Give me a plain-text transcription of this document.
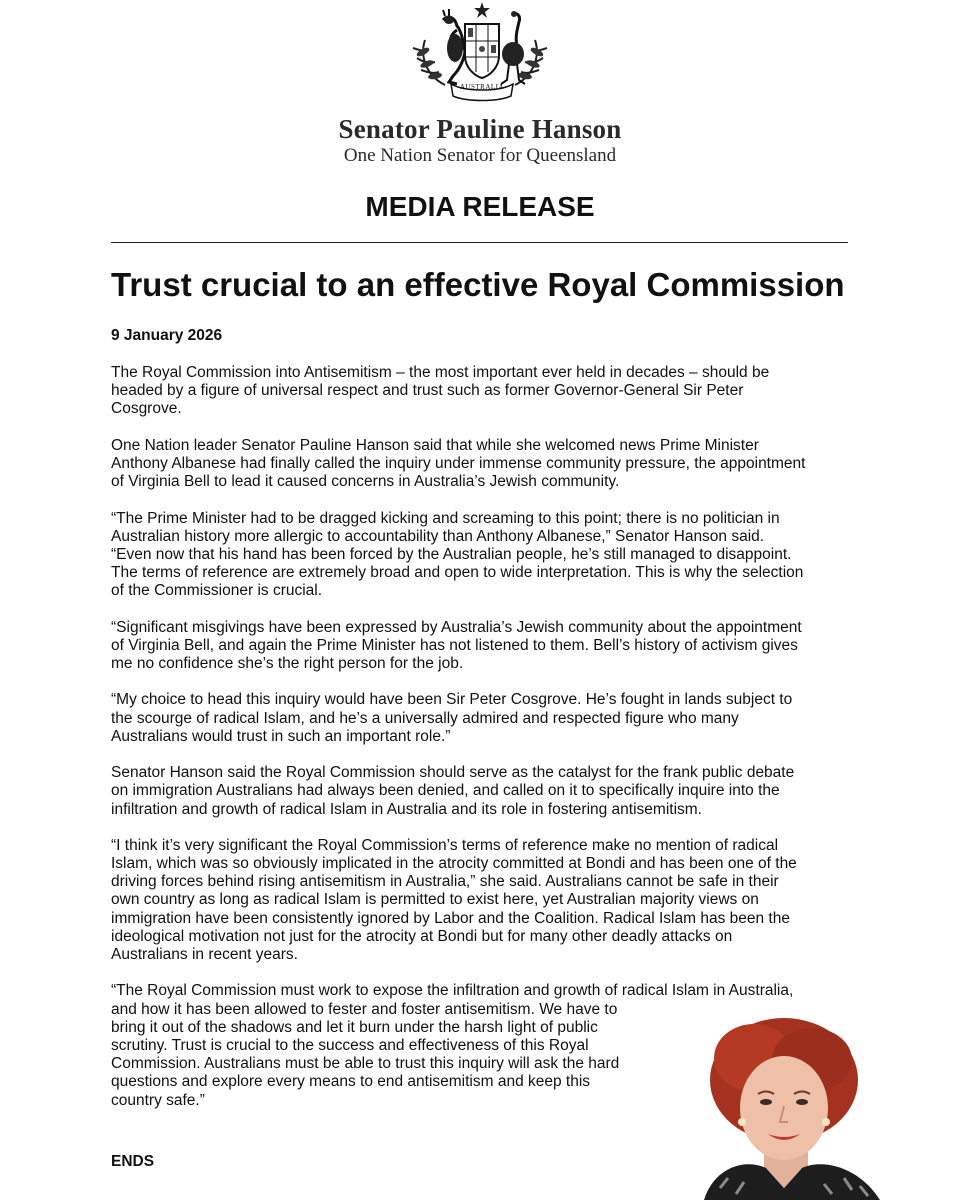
AUSTRALIA
Senator Pauline Hanson
One Nation Senator for Queensland
MEDIA RELEASE
Trust crucial to an effective Royal Commission
9 January 2026
The Royal Commission into Antisemitism – the most important ever held in decades – should be
headed by a figure of universal respect and trust such as former Governor-General Sir Peter
Cosgrove.
One Nation leader Senator Pauline Hanson said that while she welcomed news Prime Minister
Anthony Albanese had finally called the inquiry under immense community pressure, the appointment
of Virginia Bell to lead it caused concerns in Australia’s Jewish community.
“The Prime Minister had to be dragged kicking and screaming to this point; there is no politician in
Australian history more allergic to accountability than Anthony Albanese,” Senator Hanson said.
“Even now that his hand has been forced by the Australian people, he’s still managed to disappoint.
The terms of reference are extremely broad and open to wide interpretation. This is why the selection
of the Commissioner is crucial.
“Significant misgivings have been expressed by Australia’s Jewish community about the appointment
of Virginia Bell, and again the Prime Minister has not listened to them. Bell’s history of activism gives
me no confidence she’s the right person for the job.
“My choice to head this inquiry would have been Sir Peter Cosgrove. He’s fought in lands subject to
the scourge of radical Islam, and he’s a universally admired and respected figure who many
Australians would trust in such an important role.”
Senator Hanson said the Royal Commission should serve as the catalyst for the frank public debate
on immigration Australians had always been denied, and called on it to specifically inquire into the
infiltration and growth of radical Islam in Australia and its role in fostering antisemitism.
“I think it’s very significant the Royal Commission’s terms of reference make no mention of radical
Islam, which was so obviously implicated in the atrocity committed at Bondi and has been one of the
driving forces behind rising antisemitism in Australia,” she said. Australians cannot be safe in their
own country as long as radical Islam is permitted to exist here, yet Australian majority views on
immigration have been consistently ignored by Labor and the Coalition. Radical Islam has been the
ideological motivation not just for the atrocity at Bondi but for many other deadly attacks on
Australians in recent years.
“The Royal Commission must work to expose the infiltration and growth of radical Islam in Australia,
and how it has been allowed to fester and foster antisemitism. We have to
bring it out of the shadows and let it burn under the harsh light of public
scrutiny. Trust is crucial to the success and effectiveness of this Royal
Commission. Australians must be able to trust this inquiry will ask the hard
questions and explore every means to end antisemitism and keep this
country safe.”
ENDS
